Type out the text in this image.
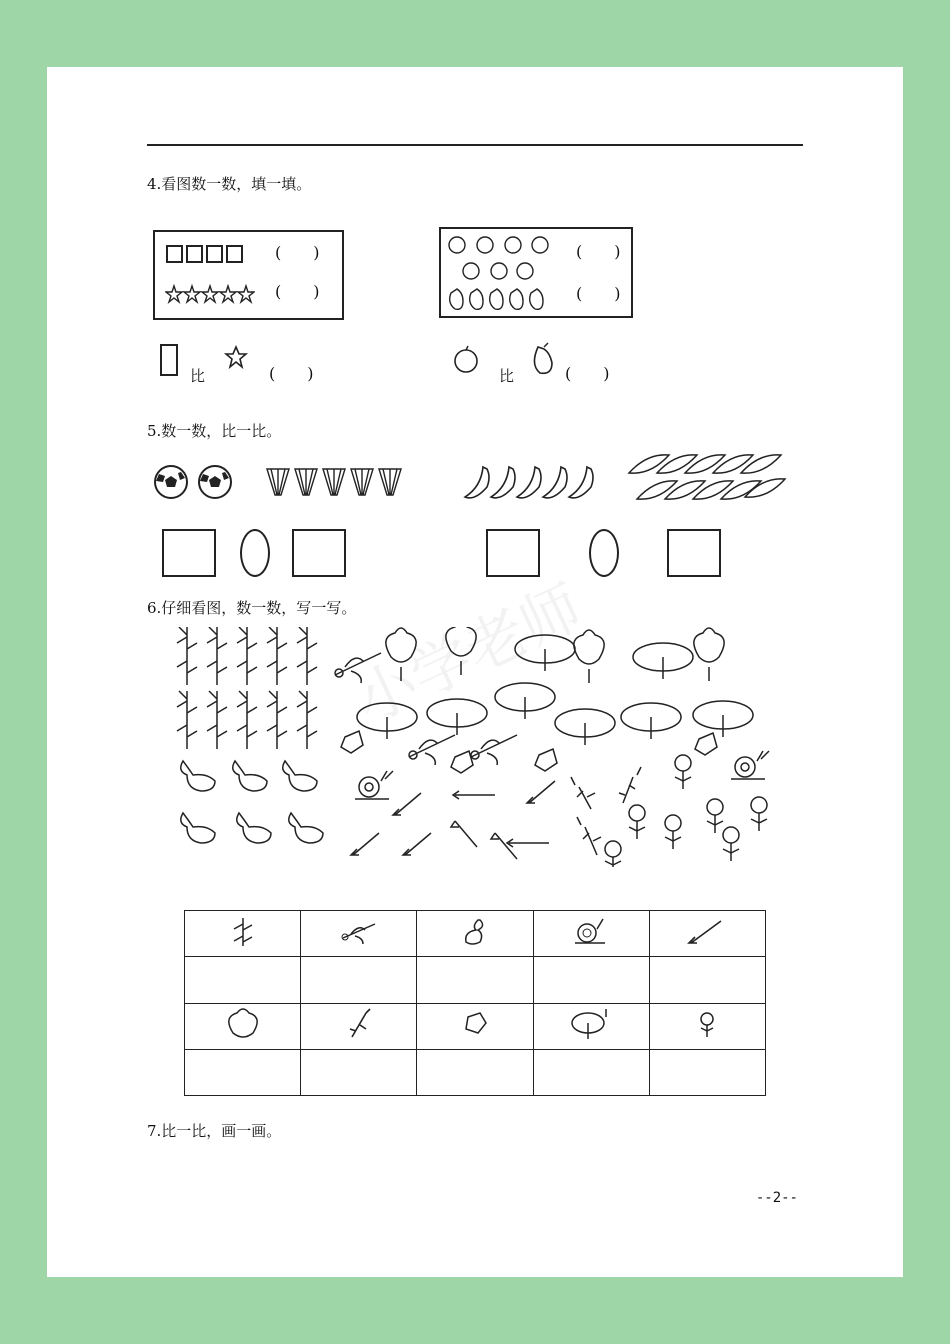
4.看图数一数，填一填。
(　　)
(　　)
(　　)
(　　)
比	(　　)	比	(　　)
5.数一数，比一比。
6.仔细看图，数一数，写一写。
小学老师

7.比一比，画一画。
--2--
